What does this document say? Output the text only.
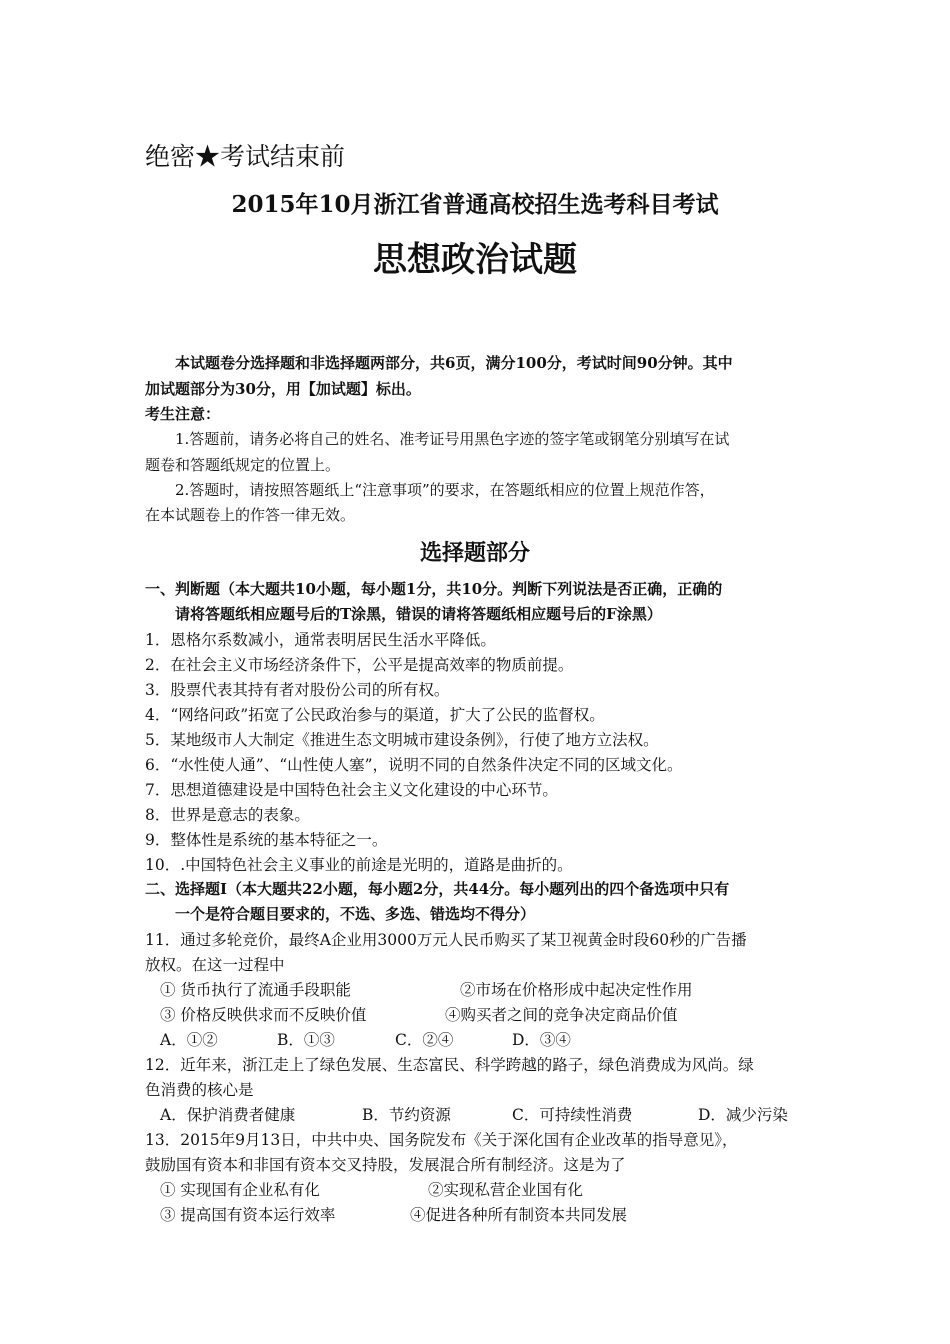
绝密★考试结束前
2015年10月浙江省普通高校招生选考科目考试
思想政治试题
本试题卷分选择题和非选择题两部分，共6页，满分100分，考试时间90分钟。其中
加试题部分为30分，用【加试题】标出。
考生注意：
1.答题前，请务必将自己的姓名、准考证号用黑色字迹的签字笔或钢笔分别填写在试
题卷和答题纸规定的位置上。
2.答题时，请按照答题纸上“注意事项”的要求，在答题纸相应的位置上规范作答，
在本试题卷上的作答一律无效。
选择题部分
一、判断题（本大题共10小题，每小题1分，共10分。判断下列说法是否正确，正确的
请将答题纸相应题号后的T涂黑，错误的请将答题纸相应题号后的F涂黑）
1．恩格尔系数减小，通常表明居民生活水平降低。
2．在社会主义市场经济条件下，公平是提高效率的物质前提。
3．股票代表其持有者对股份公司的所有权。
4．“网络问政”拓宽了公民政治参与的渠道，扩大了公民的监督权。
5．某地级市人大制定《推进生态文明城市建设条例》，行使了地方立法权。
6．“水性使人通”、“山性使人塞”，说明不同的自然条件决定不同的区域文化。
7．思想道德建设是中国特色社会主义文化建设的中心环节。
8．世界是意志的表象。
9．整体性是系统的基本特征之一。
10．.中国特色社会主义事业的前途是光明的，道路是曲折的。
二、选择题Ⅰ（本大题共22小题，每小题2分，共44分。每小题列出的四个备选项中只有
一个是符合题目要求的，不选、多选、错选均不得分）
11．通过多轮竞价，最终A企业用3000万元人民币购买了某卫视黄金时段60秒的广告播
放权。在这一过程中
① 货币执行了流通手段职能	②市场在价格形成中起决定性作用
③ 价格反映供求而不反映价值	④购买者之间的竞争决定商品价值
A．①②	B．①③	C．②④	D．③④
12．近年来，浙江走上了绿色发展、生态富民、科学跨越的路子，绿色消费成为风尚。绿
色消费的核心是
A．保护消费者健康	B．节约资源	C．可持续性消费	D．减少污染
13．2015年9月13日，中共中央、国务院发布《关于深化国有企业改革的指导意见》，
鼓励国有资本和非国有资本交叉持股，发展混合所有制经济。这是为了
① 实现国有企业私有化	②实现私营企业国有化
③ 提高国有资本运行效率	④促进各种所有制资本共同发展
